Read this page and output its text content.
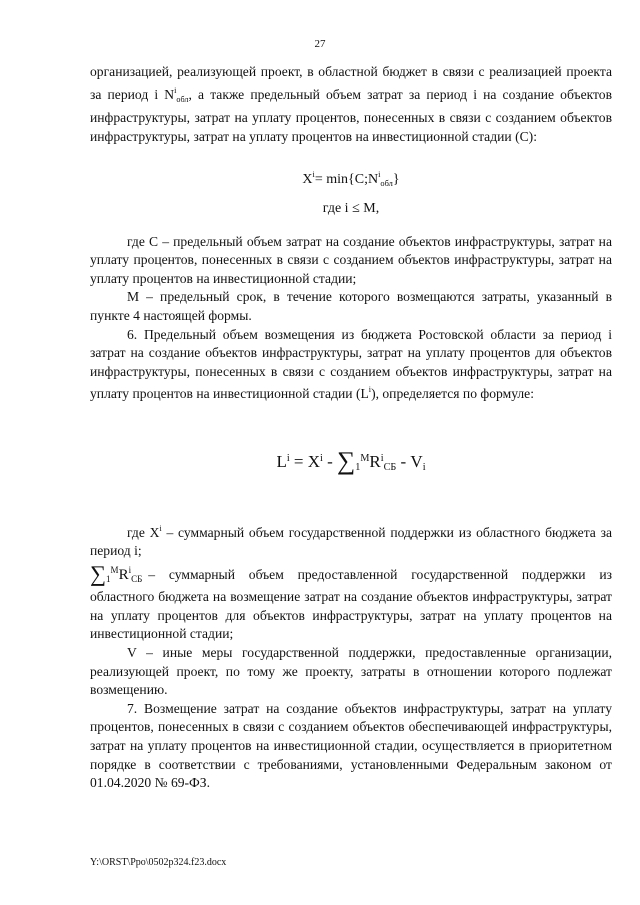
27

организацией, реализующей проект, в областной бюджет в связи с реализацией проекта за период i $N^i_{обл}$, а также предельный объем затрат за период i на создание объектов инфраструктуры, затрат на уплату процентов, понесенных в связи с созданием объектов инфраструктуры, затрат на уплату процентов на инвестиционной стадии (С):

$X^i=$ $\min\{С;N^i_{обл}\}$
где i ≤ M,

где С – предельный объем затрат на создание объектов инфраструктуры, затрат на уплату процентов, понесенных в связи с созданием объектов инфраструктуры, затрат на уплату процентов на инвестиционной стадии;

М – предельный срок, в течение которого возмещаются затраты, указанный в пункте 4 настоящей формы.

6. Предельный объем возмещения из бюджета Ростовской области за период i затрат на создание объектов инфраструктуры, затрат на уплату процентов для объектов инфраструктуры, понесенных в связи с созданием объектов инфраструктуры, затрат на уплату процентов на инвестиционной стадии $(L^i)$, определяется по формуле:

$L^i = X^i - \sum_1^MR^i_{СБ} - V_i$

где $X^i$ – суммарный объем государственной поддержки из областного бюджета за период i;

$\sum_1^MR^i_{СБ}$ – суммарный объем предоставленной государственной поддержки из областного бюджета на возмещение затрат на создание объектов инфраструктуры, затрат на уплату процентов для объектов инфраструктуры, затрат на уплату процентов на инвестиционной стадии;

V – иные меры государственной поддержки, предоставленные организации, реализующей проект, по тому же проекту, затраты в отношении которого подлежат возмещению.

7. Возмещение затрат на создание объектов инфраструктуры, затрат на уплату процентов, понесенных в связи с созданием объектов обеспечивающей инфраструктуры, затрат на уплату процентов на инвестиционной стадии, осуществляется в приоритетном порядке в соответствии с требованиями, установленными Федеральным законом от 01.04.2020 № 69-ФЗ.

Y:\ORST\Ppo\0502p324.f23.docx
